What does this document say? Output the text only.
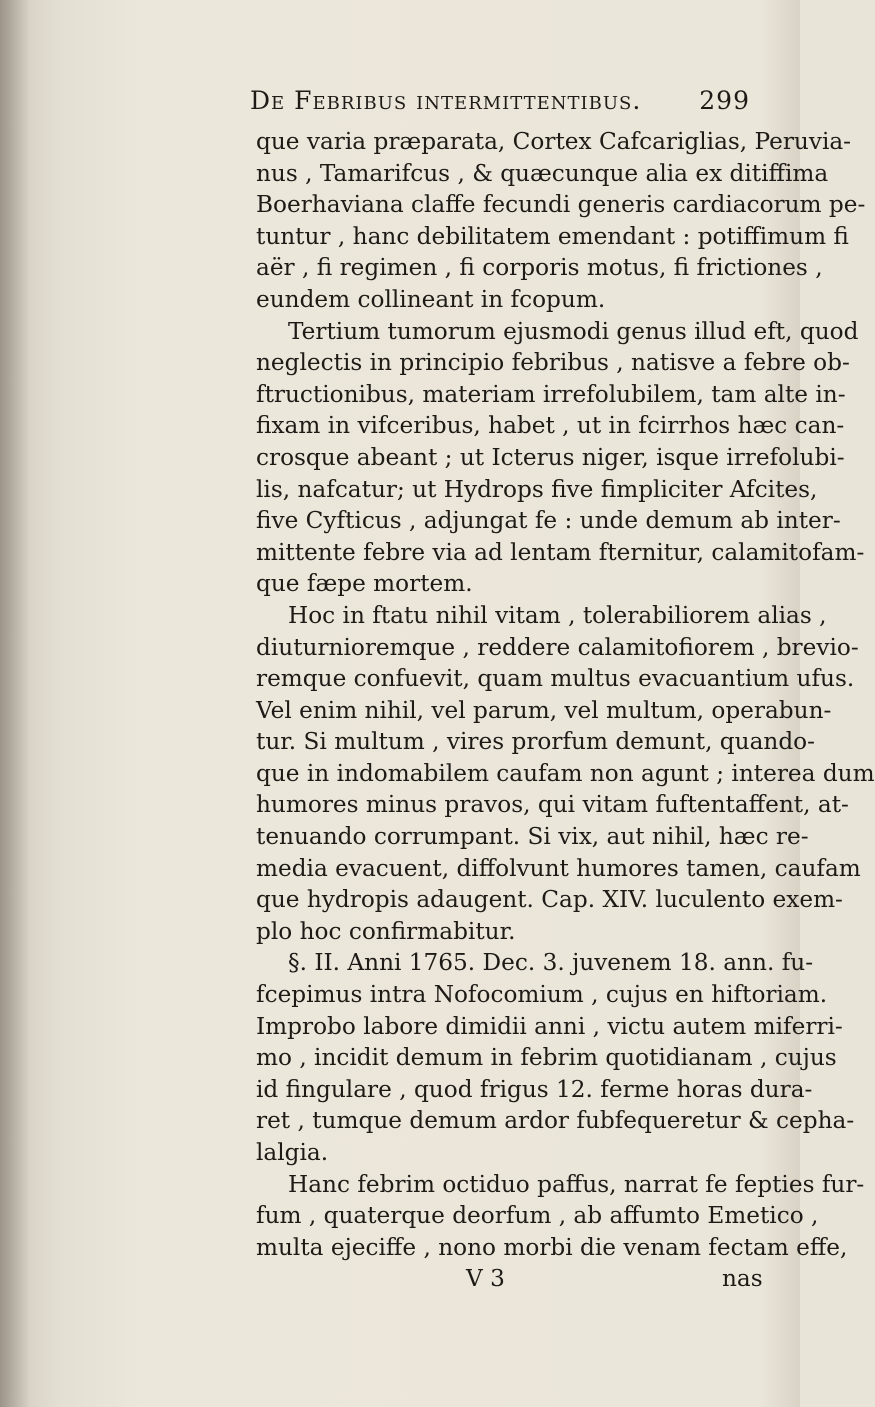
De Febribus intermittentibus. 299
que varia præparata, Cortex Cafcariglias, Peruvia-
nus , Tamarifcus , & quæcunque alia ex ditiffima
Boerhaviana claffe fecundi generis cardiacorum pe-
tuntur , hanc debilitatem emendant : potiffimum fi
aër , fi regimen , fi corporis motus, fi frictiones ,
eundem collineant in fcopum.
Tertium tumorum ejusmodi genus illud eft, quod
neglectis in principio febribus , natisve a febre ob-
ftructionibus, materiam irrefolubilem, tam alte in-
fixam in vifceribus, habet , ut in fcirrhos hæc can-
crosque abeant ; ut Icterus niger, isque irrefolubi-
lis, nafcatur; ut Hydrops five fimpliciter Afcites,
five Cyfticus , adjungat fe : unde demum ab inter-
mittente febre via ad lentam fternitur, calamitofam-
que fæpe mortem.
Hoc in ftatu nihil vitam , tolerabiliorem alias ,
diuturnioremque , reddere calamitofiorem , brevio-
remque confuevit, quam multus evacuantium ufus.
Vel enim nihil, vel parum, vel multum, operabun-
tur. Si multum , vires prorfum demunt, quando-
que in indomabilem caufam non agunt ; interea dum
humores minus pravos, qui vitam fuftentaffent, at-
tenuando corrumpant. Si vix, aut nihil, hæc re-
media evacuent, diffolvunt humores tamen, caufam
que hydropis adaugent. Cap. XIV. luculento exem-
plo hoc confirmabitur.
§. II. Anni 1765. Dec. 3. juvenem 18. ann. fu-
fcepimus intra Nofocomium , cujus en hiftoriam.
Improbo labore dimidii anni , victu autem miferri-
mo , incidit demum in febrim quotidianam , cujus
id fingulare , quod frigus 12. ferme horas dura-
ret , tumque demum ardor fubfequeretur & cepha-
lalgia.
Hanc febrim octiduo paffus, narrat fe fepties fur-
fum , quaterque deorfum , ab affumto Emetico ,
multa ejeciffe , nono morbi die venam fectam effe,
V 3	nas
